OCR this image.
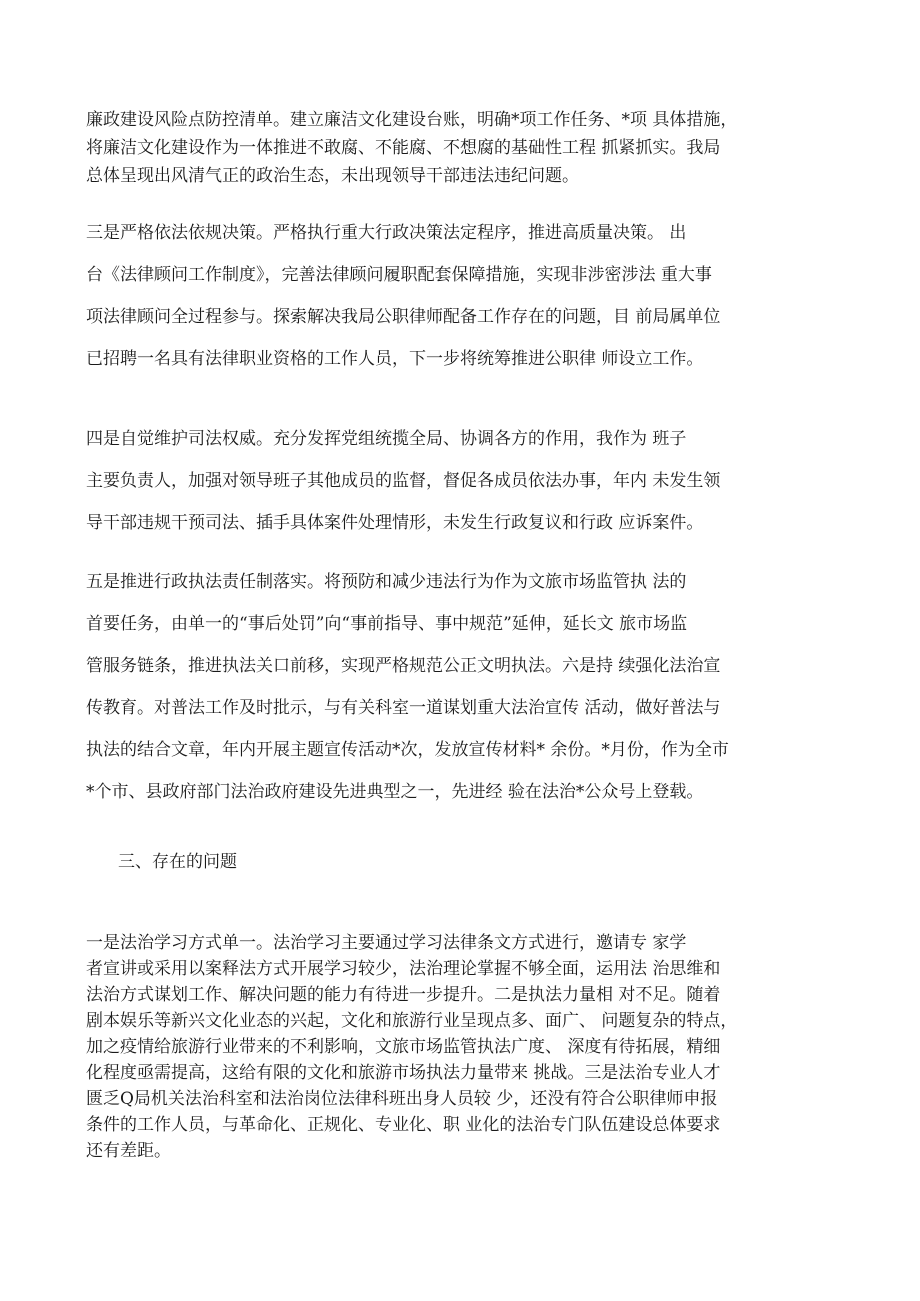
廉政建设风险点防控清单。建立廉洁文化建设台账，明确*项工作任务、*项 具体措施，
将廉洁文化建设作为一体推进不敢腐、不能腐、不想腐的基础性工程 抓紧抓实。我局
总体呈现出风清气正的政治生态，未出现领导干部违法违纪问题。
三是严格依法依规决策。严格执行重大行政决策法定程序，推进高质量决策。 出
台《法律顾问工作制度》，完善法律顾问履职配套保障措施，实现非涉密涉法 重大事
项法律顾问全过程参与。探索解决我局公职律师配备工作存在的问题，目 前局属单位
已招聘一名具有法律职业资格的工作人员，下一步将统筹推进公职律 师设立工作。
四是自觉维护司法权威。充分发挥党组统揽全局、协调各方的作用，我作为 班子
主要负责人，加强对领导班子其他成员的监督，督促各成员依法办事，年内 未发生领
导干部违规干预司法、插手具体案件处理情形，未发生行政复议和行政 应诉案件。
五是推进行政执法责任制落实。将预防和减少违法行为作为文旅市场监管执 法的
首要任务，由单一的“事后处罚”向“事前指导、事中规范”延伸，延长文 旅市场监
管服务链条，推进执法关口前移，实现严格规范公正文明执法。六是持 续强化法治宣
传教育。对普法工作及时批示，与有关科室一道谋划重大法治宣传 活动，做好普法与
执法的结合文章，年内开展主题宣传活动*次，发放宣传材料* 余份。*月份，作为全市
*个市、县政府部门法治政府建设先进典型之一，先进经 验在法治*公众号上登载。
三、存在的问题
一是法治学习方式单一。法治学习主要通过学习法律条文方式进行，邀请专 家学
者宣讲或采用以案释法方式开展学习较少，法治理论掌握不够全面，运用法 治思维和
法治方式谋划工作、解决问题的能力有待进一步提升。二是执法力量相 对不足。随着
剧本娱乐等新兴文化业态的兴起，文化和旅游行业呈现点多、面广、 问题复杂的特点，
加之疫情给旅游行业带来的不利影响，文旅市场监管执法广度、 深度有待拓展，精细
化程度亟需提高，这给有限的文化和旅游市场执法力量带来 挑战。三是法治专业人才
匮乏Q局机关法治科室和法治岗位法律科班出身人员较 少，还没有符合公职律师申报
条件的工作人员，与革命化、正规化、专业化、职 业化的法治专门队伍建设总体要求
还有差距。
